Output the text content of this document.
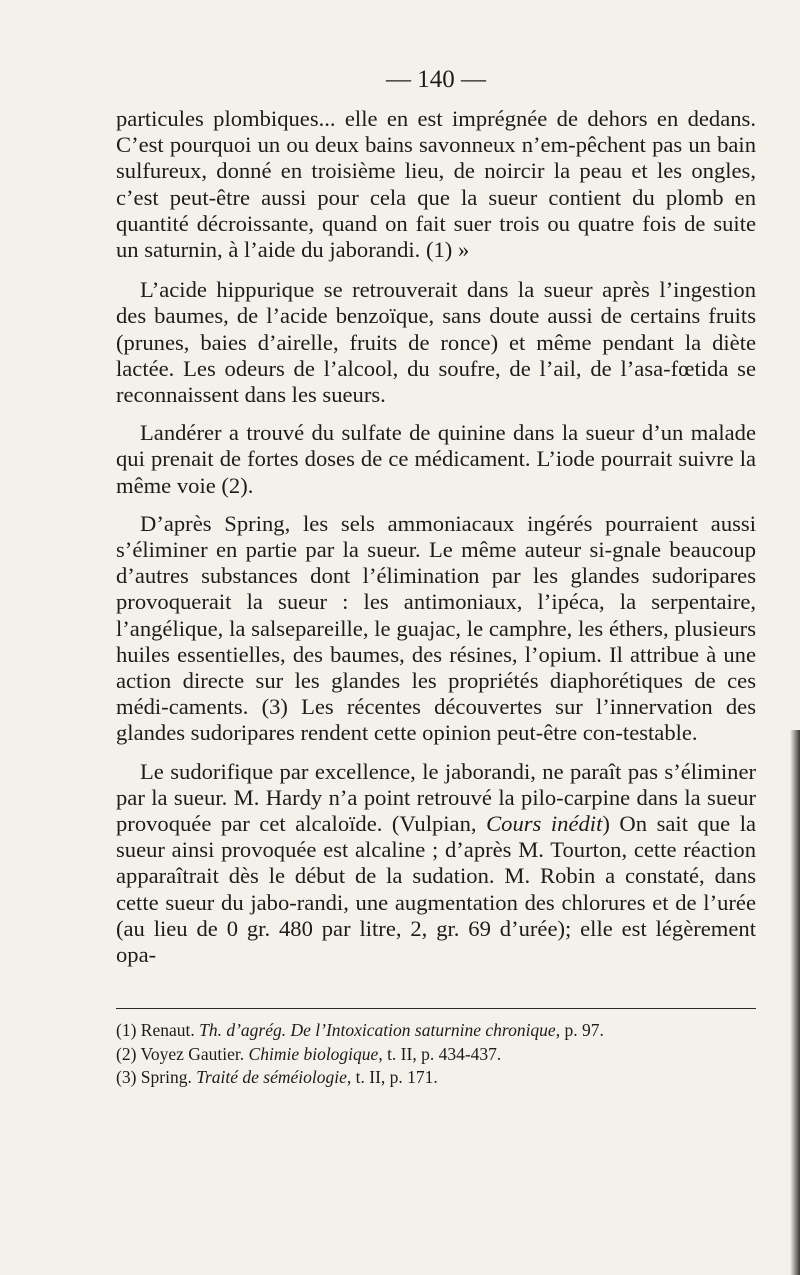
— 140 —

particules plombiques... elle en est imprégnée de dehors en dedans. C’est pourquoi un ou deux bains savonneux n’em-pêchent pas un bain sulfureux, donné en troisième lieu, de noircir la peau et les ongles, c’est peut-être aussi pour cela que la sueur contient du plomb en quantité décroissante, quand on fait suer trois ou quatre fois de suite un saturnin, à l’aide du jaborandi. (1) »

L’acide hippurique se retrouverait dans la sueur après l’ingestion des baumes, de l’acide benzoïque, sans doute aussi de certains fruits (prunes, baies d’airelle, fruits de ronce) et même pendant la diète lactée. Les odeurs de l’alcool, du soufre, de l’ail, de l’asa-fœtida se reconnaissent dans les sueurs.

Landérer a trouvé du sulfate de quinine dans la sueur d’un malade qui prenait de fortes doses de ce médicament. L’iode pourrait suivre la même voie (2).

D’après Spring, les sels ammoniacaux ingérés pourraient aussi s’éliminer en partie par la sueur. Le même auteur si-gnale beaucoup d’autres substances dont l’élimination par les glandes sudoripares provoquerait la sueur : les antimoniaux, l’ipéca, la serpentaire, l’angélique, la salsepareille, le guajac, le camphre, les éthers, plusieurs huiles essentielles, des baumes, des résines, l’opium. Il attribue à une action directe sur les glandes les propriétés diaphorétiques de ces médi-caments. (3) Les récentes découvertes sur l’innervation des glandes sudoripares rendent cette opinion peut-être con-testable.

Le sudorifique par excellence, le jaborandi, ne paraît pas s’éliminer par la sueur. M. Hardy n’a point retrouvé la pilo-carpine dans la sueur provoquée par cet alcaloïde. (Vulpian, Cours inédit) On sait que la sueur ainsi provoquée est alcaline ; d’après M. Tourton, cette réaction apparaîtrait dès le début de la sudation. M. Robin a constaté, dans cette sueur du jabo-randi, une augmentation des chlorures et de l’urée (au lieu de 0 gr. 480 par litre, 2, gr. 69 d’urée); elle est légèrement opa-

(1) Renaut. Th. d’agrég. De l’Intoxication saturnine chronique, p. 97.

(2) Voyez Gautier. Chimie biologique, t. II, p. 434-437.

(3) Spring. Traité de séméiologie, t. II, p. 171.
